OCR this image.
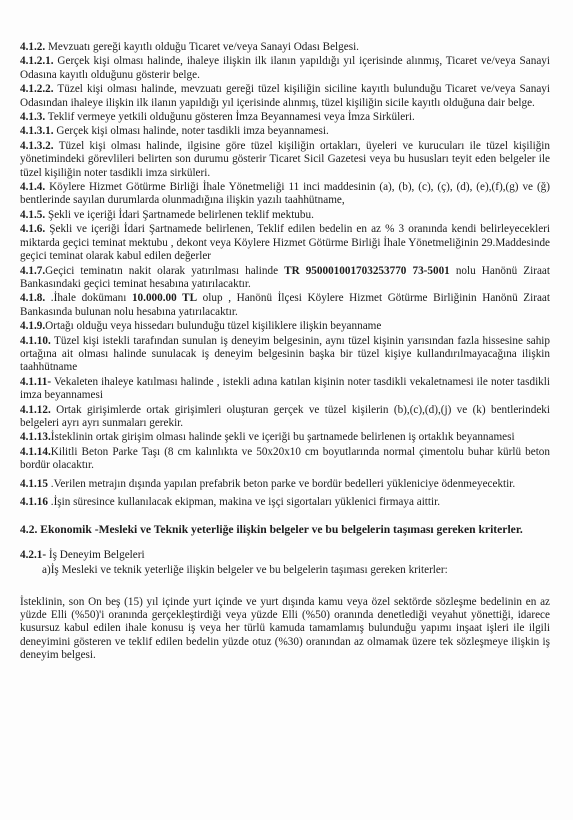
4.1.2. Mevzuatı gereği kayıtlı olduğu Ticaret ve/veya Sanayi Odası Belgesi.

4.1.2.1. Gerçek kişi olması halinde, ihaleye ilişkin ilk ilanın yapıldığı yıl içerisinde alınmış, Ticaret ve/veya Sanayi Odasına kayıtlı olduğunu gösterir belge.

4.1.2.2. Tüzel kişi olması halinde, mevzuatı gereği tüzel kişiliğin siciline kayıtlı bulunduğu Ticaret ve/veya Sanayi Odasından ihaleye ilişkin ilk ilanın yapıldığı yıl içerisinde alınmış, tüzel kişiliğin sicile kayıtlı olduğuna dair belge.

4.1.3. Teklif vermeye yetkili olduğunu gösteren İmza Beyannamesi veya İmza Sirküleri.

4.1.3.1. Gerçek kişi olması halinde, noter tasdikli imza beyannamesi.

4.1.3.2. Tüzel kişi olması halinde, ilgisine göre tüzel kişiliğin ortakları, üyeleri ve kurucuları ile tüzel kişiliğin yönetimindeki görevlileri belirten son durumu gösterir Ticaret Sicil Gazetesi veya bu hususları teyit eden belgeler ile tüzel kişiliğin noter tasdikli imza sirküleri.

4.1.4. Köylere Hizmet Götürme Birliği İhale Yönetmeliği 11 inci maddesinin (a), (b), (c), (ç), (d), (e),(f),(g) ve (ğ) bentlerinde sayılan durumlarda olunmadığına ilişkin yazılı taahhütname,

4.1.5. Şekli ve içeriği İdari Şartnamede belirlenen teklif mektubu.

4.1.6. Şekli ve içeriği İdari Şartnamede belirlenen, Teklif edilen bedelin en az % 3 oranında kendi belirleyecekleri miktarda geçici teminat mektubu , dekont veya Köylere Hizmet Götürme Birliği İhale Yönetmeliğinin 29.Maddesinde geçici teminat olarak kabul edilen değerler

4.1.7.Geçici teminatın nakit olarak yatırılması halinde TR 950001001703253770 73-5001 nolu Hanönü Ziraat Bankasındaki geçici teminat hesabına yatırılacaktır.

4.1.8. .İhale dokümanı 10.000.00 TL olup , Hanönü İlçesi Köylere Hizmet Götürme Birliğinin Hanönü Ziraat Bankasında bulunan nolu hesabına yatırılacaktır.

4.1.9.Ortağı olduğu veya hissedarı bulunduğu tüzel kişiliklere ilişkin beyanname

4.1.10. Tüzel kişi istekli tarafından sunulan iş deneyim belgesinin, aynı tüzel kişinin yarısından fazla hissesine sahip ortağına ait olması halinde sunulacak iş deneyim belgesinin başka bir tüzel kişiye kullandırılmayacağına ilişkin taahhütname

4.1.11- Vekaleten ihaleye katılması halinde , istekli adına katılan kişinin noter tasdikli vekaletnamesi ile noter tasdikli imza beyannamesi

4.1.12. Ortak girişimlerde ortak girişimleri oluşturan gerçek ve tüzel kişilerin (b),(c),(d),(j) ve (k) bentlerindeki belgeleri ayrı ayrı sunmaları gerekir.

4.1.13.İsteklinin ortak girişim olması halinde şekli ve içeriği bu şartnamede belirlenen iş ortaklık beyannamesi

4.1.14.Kilitli Beton Parke Taşı (8 cm kalınlıkta ve 50x20x10 cm boyutlarında normal çimentolu buhar kürlü beton bordür olacaktır.

4.1.15 .Verilen metrajın dışında yapılan prefabrik beton parke ve bordür bedelleri yükleniciye ödenmeyecektir.

4.1.16 .İşin süresince kullanılacak ekipman, makina ve işçi sigortaları yüklenici firmaya aittir.

4.2. Ekonomik -Mesleki ve Teknik yeterliğe ilişkin belgeler ve bu belgelerin taşıması gereken kriterler.

4.2.1- İş Deneyim Belgeleri

a)İş Mesleki ve teknik yeterliğe ilişkin belgeler ve bu belgelerin taşıması gereken kriterler:

İsteklinin, son On beş (15) yıl içinde yurt içinde ve yurt dışında kamu veya özel sektörde sözleşme bedelinin en az yüzde Elli (%50)'i oranında gerçekleştirdiği veya yüzde Elli (%50) oranında denetlediği veyahut yönettiği, idarece kusursuz kabul edilen ihale konusu iş veya her türlü kamuda tamamlamış bulunduğu yapımı inşaat işleri ile ilgili deneyimini gösteren ve teklif edilen bedelin yüzde otuz (%30) oranından az olmamak üzere tek sözleşmeye ilişkin iş deneyim belgesi.
